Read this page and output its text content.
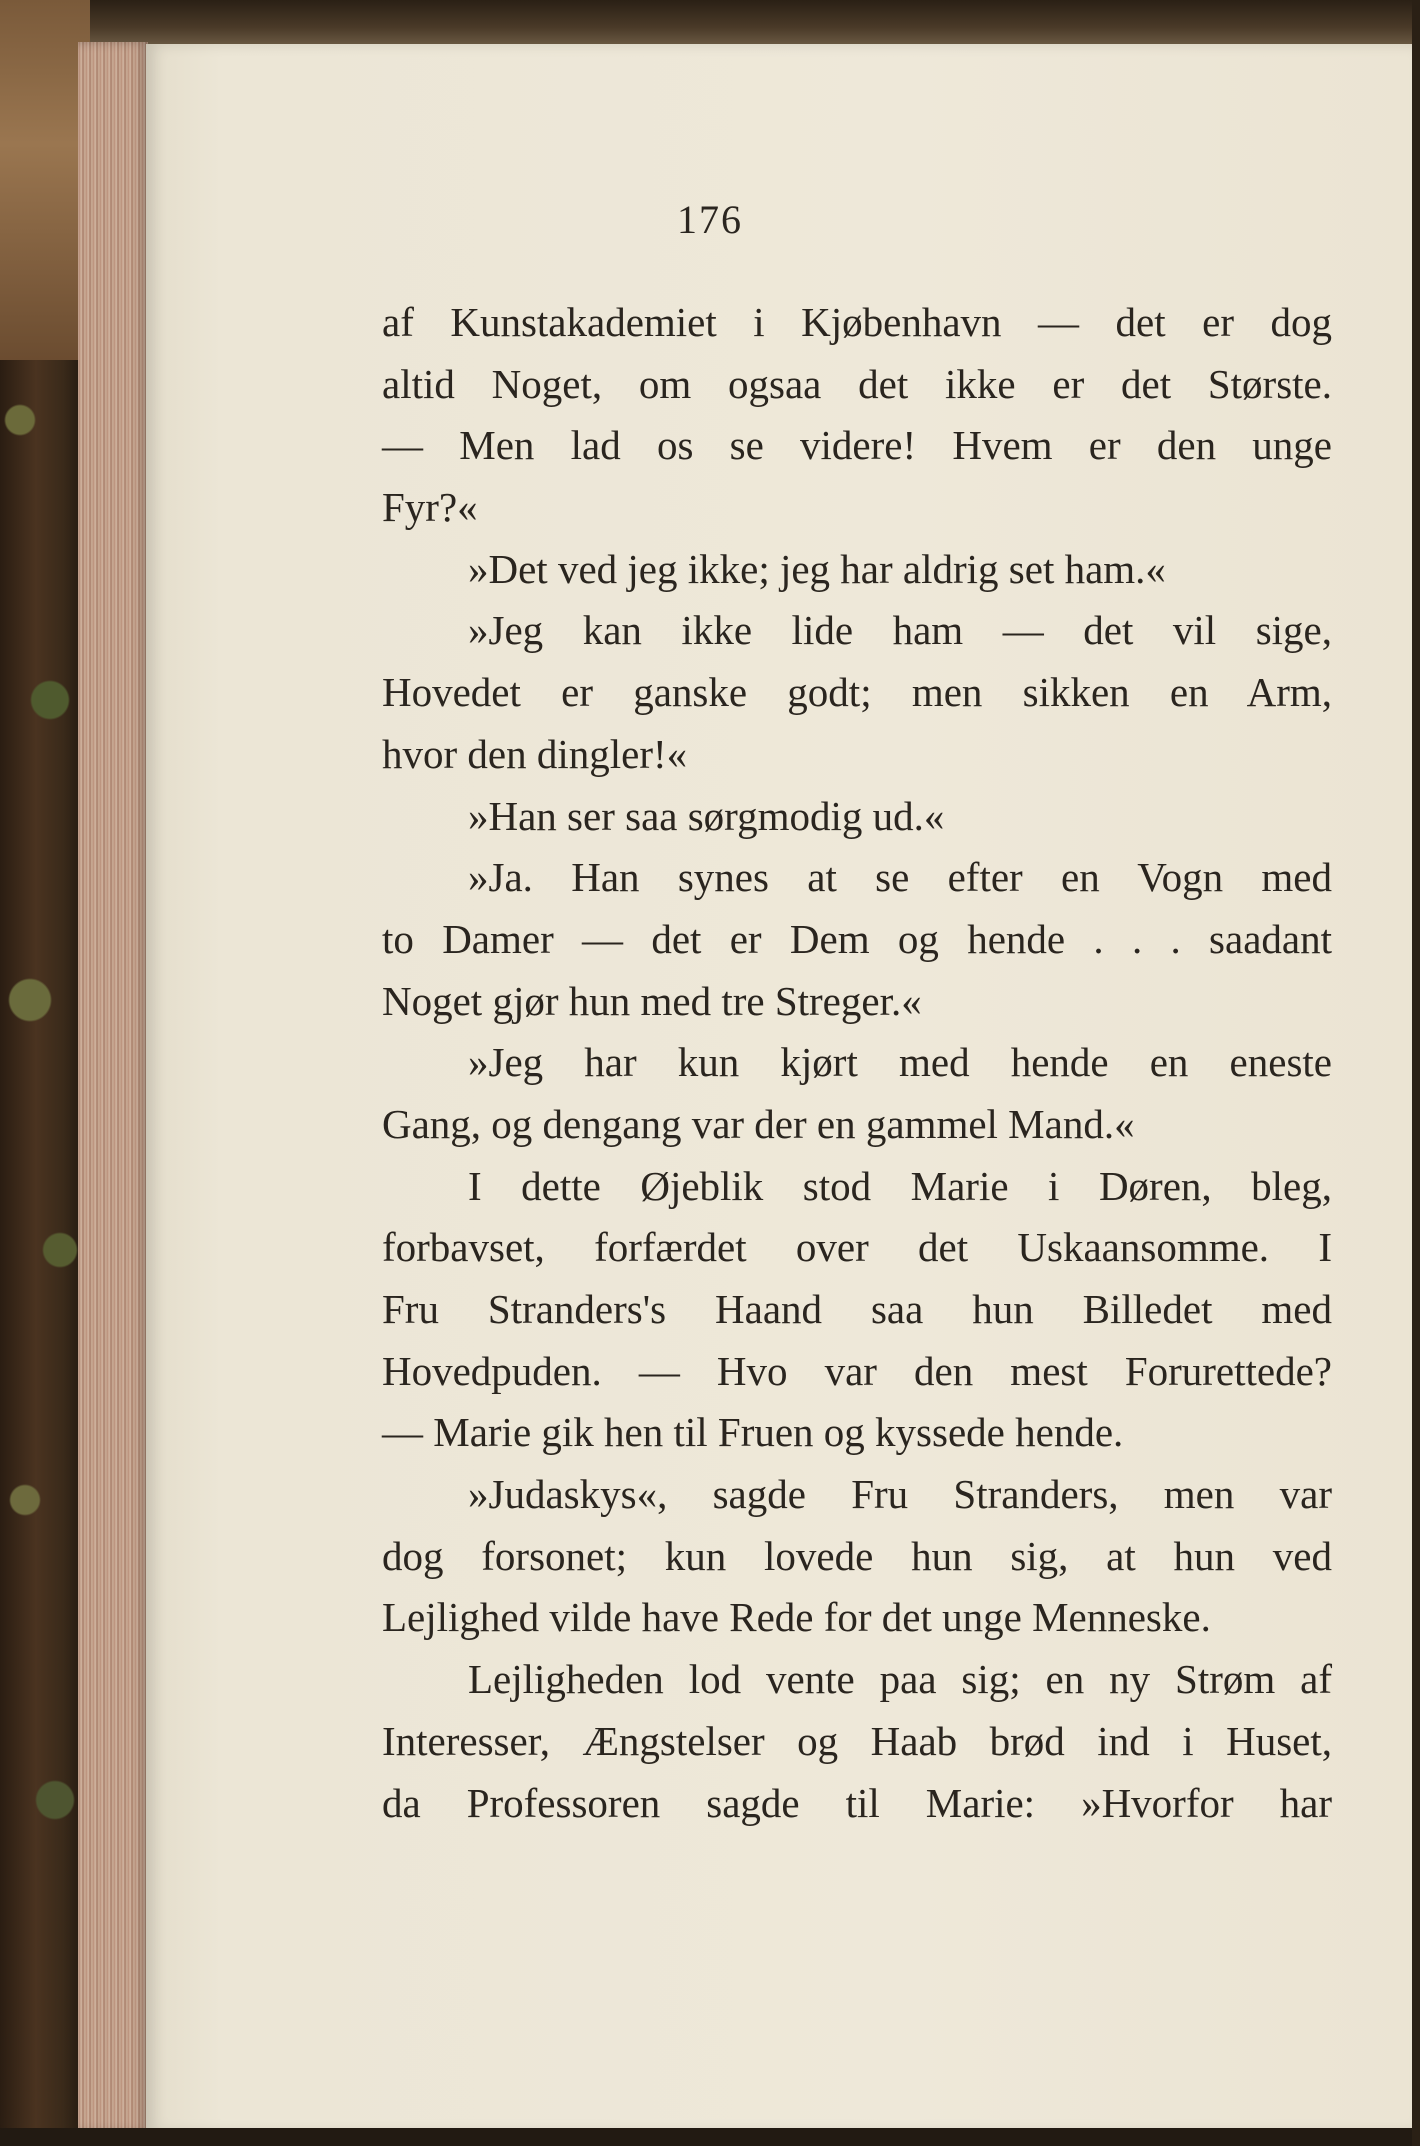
176
af Kunstakademiet i Kjøbenhavn — det er dog
altid Noget, om ogsaa det ikke er det Største.
— Men lad os se videre! Hvem er den unge
Fyr?«
»Det ved jeg ikke; jeg har aldrig set ham.«
»Jeg kan ikke lide ham — det vil sige,
Hovedet er ganske godt; men sikken en Arm,
hvor den dingler!«
»Han ser saa sørgmodig ud.«
»Ja. Han synes at se efter en Vogn med
to Damer — det er Dem og hende . . . saadant
Noget gjør hun med tre Streger.«
»Jeg har kun kjørt med hende en eneste
Gang, og dengang var der en gammel Mand.«
I dette Øjeblik stod Marie i Døren, bleg,
forbavset, forfærdet over det Uskaansomme. I
Fru Stranders's Haand saa hun Billedet med
Hovedpuden. — Hvo var den mest Forurettede?
— Marie gik hen til Fruen og kyssede hende.
»Judaskys«, sagde Fru Stranders, men var
dog forsonet; kun lovede hun sig, at hun ved
Lejlighed vilde have Rede for det unge Menneske.
Lejligheden lod vente paa sig; en ny Strøm af
Interesser, Ængstelser og Haab brød ind i Huset,
da Professoren sagde til Marie: »Hvorfor har
